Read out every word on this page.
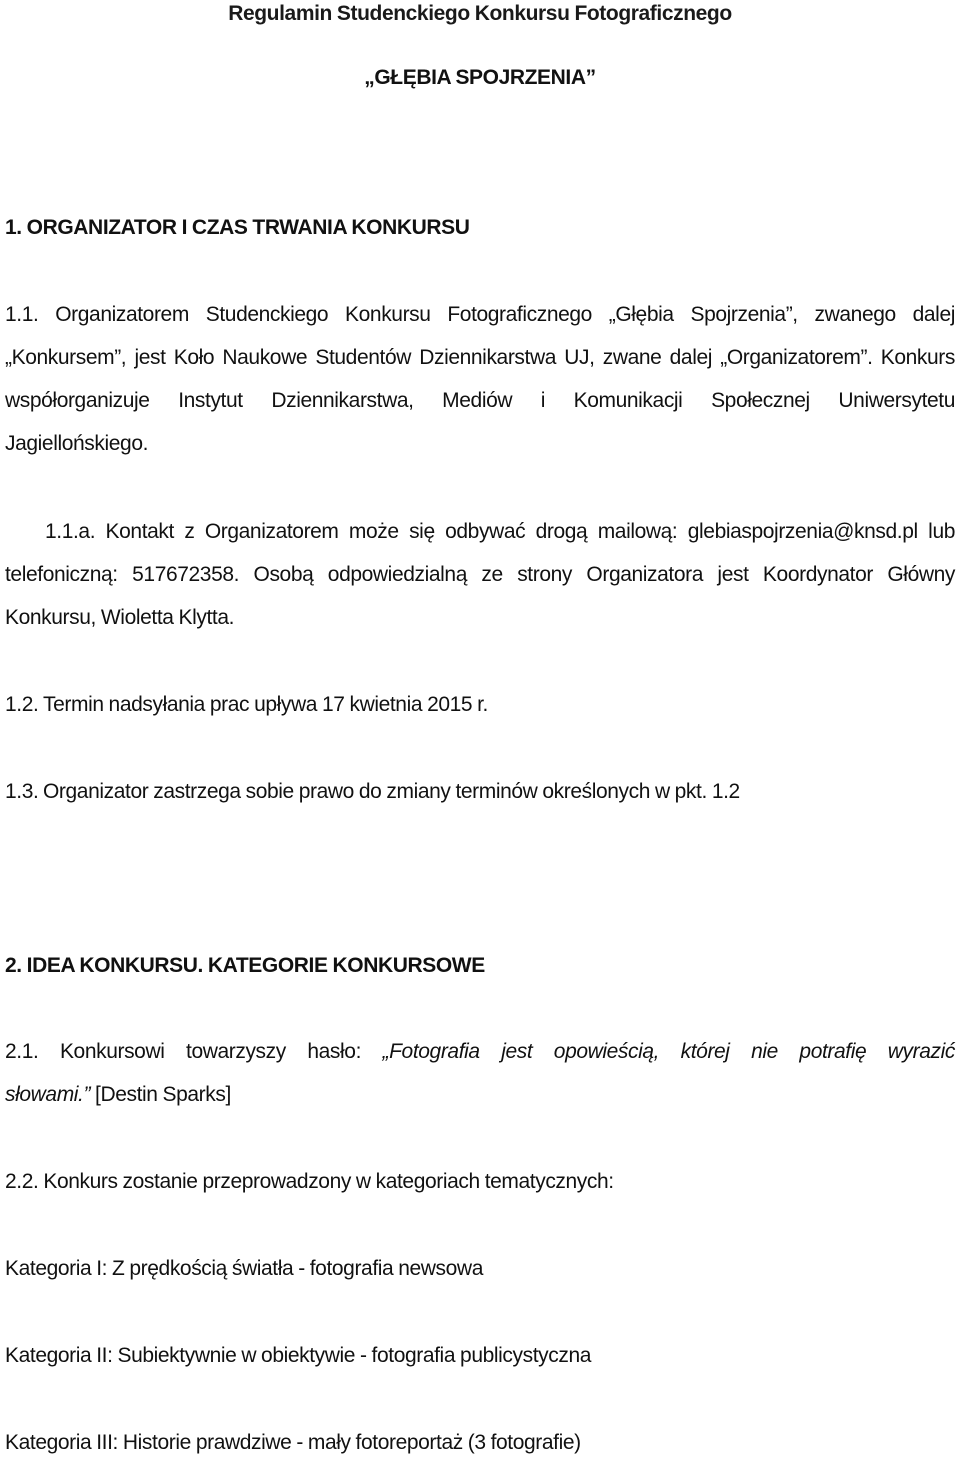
Regulamin Studenckiego Konkursu Fotograficznego
„GŁĘBIA SPOJRZENIA”
1. ORGANIZATOR I CZAS TRWANIA KONKURSU
1.1. Organizatorem Studenckiego Konkursu Fotograficznego „Głębia Spojrzenia”, zwanego dalej
„Konkursem”, jest Koło Naukowe Studentów Dziennikarstwa UJ, zwane dalej „Organizatorem”. Konkurs
współorganizuje Instytut Dziennikarstwa, Mediów i Komunikacji Społecznej Uniwersytetu
Jagiellońskiego.
1.1.a. Kontakt z Organizatorem może się odbywać drogą mailową: glebiaspojrzenia@knsd.pl lub
telefoniczną: 517672358. Osobą odpowiedzialną ze strony Organizatora jest Koordynator Główny
Konkursu, Wioletta Klytta.
1.2. Termin nadsyłania prac upływa 17 kwietnia 2015 r.
1.3. Organizator zastrzega sobie prawo do zmiany terminów określonych w pkt. 1.2
2. IDEA KONKURSU. KATEGORIE KONKURSOWE
2.1. Konkursowi towarzyszy hasło: „Fotografia jest opowieścią, której nie potrafię wyrazić
słowami.” [Destin Sparks]
2.2. Konkurs zostanie przeprowadzony w kategoriach tematycznych:
Kategoria I: Z prędkością światła - fotografia newsowa
Kategoria II: Subiektywnie w obiektywie - fotografia publicystyczna
Kategoria III: Historie prawdziwe - mały fotoreportaż (3 fotografie)
